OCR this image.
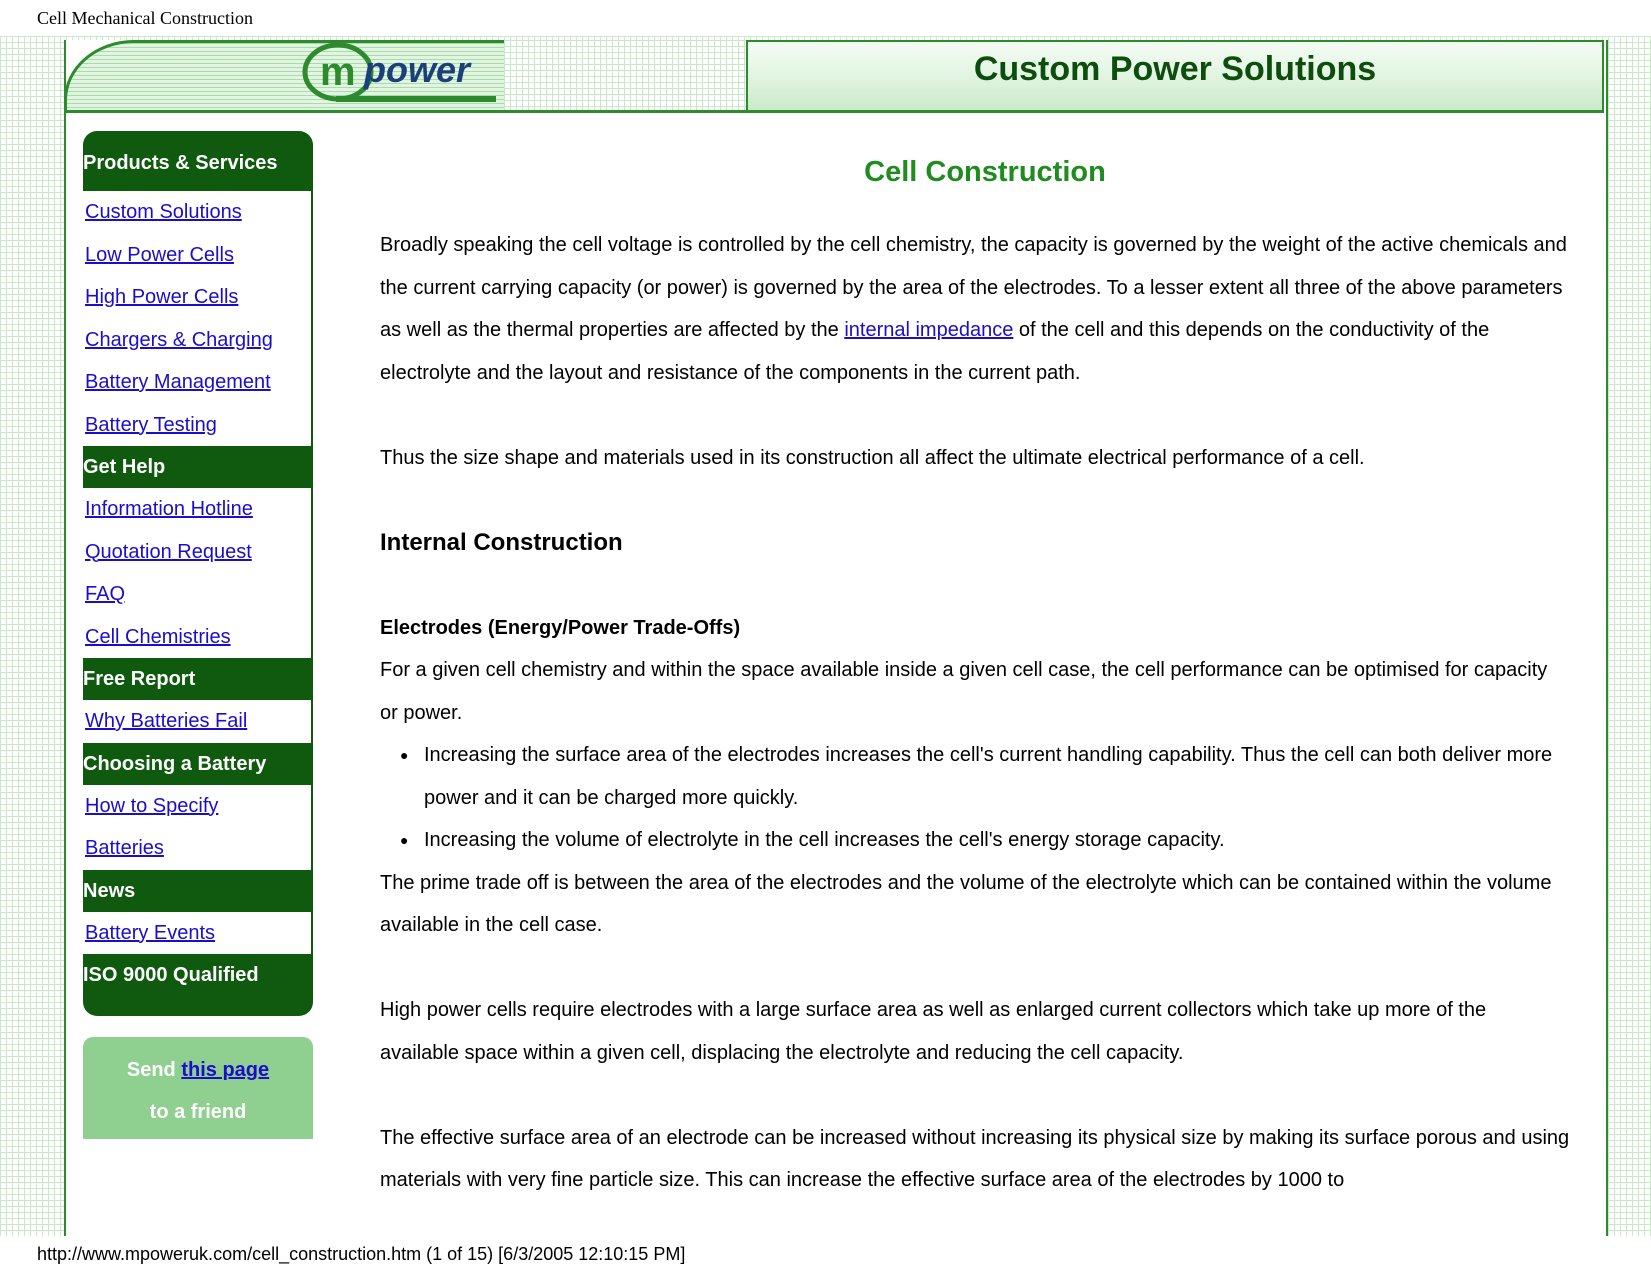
Cell Mechanical Construction
m power	Custom Power Solutions
Products & Services
Custom Solutions
Low Power Cells
High Power Cells
Chargers & Charging
Battery Management
Battery Testing
Get Help
Information Hotline
Quotation Request
FAQ
Cell Chemistries
Free Report
Why Batteries Fail
Choosing a Battery
How to Specify
Batteries
News
Battery Events
ISO 9000 Qualified
Send this page
to a friend
Cell Construction

Broadly speaking the cell voltage is controlled by the cell chemistry, the capacity is governed by the weight of the active chemicals and the current carrying capacity (or power) is governed by the area of the electrodes. To a lesser extent all three of the above parameters as well as the thermal properties are affected by the internal impedance of the cell and this depends on the conductivity of the electrolyte and the layout and resistance of the components in the current path.

Thus the size shape and materials used in its construction all affect the ultimate electrical performance of a cell.

Internal Construction

Electrodes (Energy/Power Trade-Offs)

For a given cell chemistry and within the space available inside a given cell case, the cell performance can be optimised for capacity or power.

● Increasing the surface area of the electrodes increases the cell's current handling capability. Thus the cell can both deliver more power and it can be charged more quickly.
● Increasing the volume of electrolyte in the cell increases the cell's energy storage capacity.

The prime trade off is between the area of the electrodes and the volume of the electrolyte which can be contained within the volume available in the cell case.

High power cells require electrodes with a large surface area as well as enlarged current collectors which take up more of the available space within a given cell, displacing the electrolyte and reducing the cell capacity.

The effective surface area of an electrode can be increased without increasing its physical size by making its surface porous and using materials with very fine particle size. This can increase the effective surface area of the electrodes by 1000 to

http://www.mpoweruk.com/cell_construction.htm (1 of 15) [6/3/2005 12:10:15 PM]
